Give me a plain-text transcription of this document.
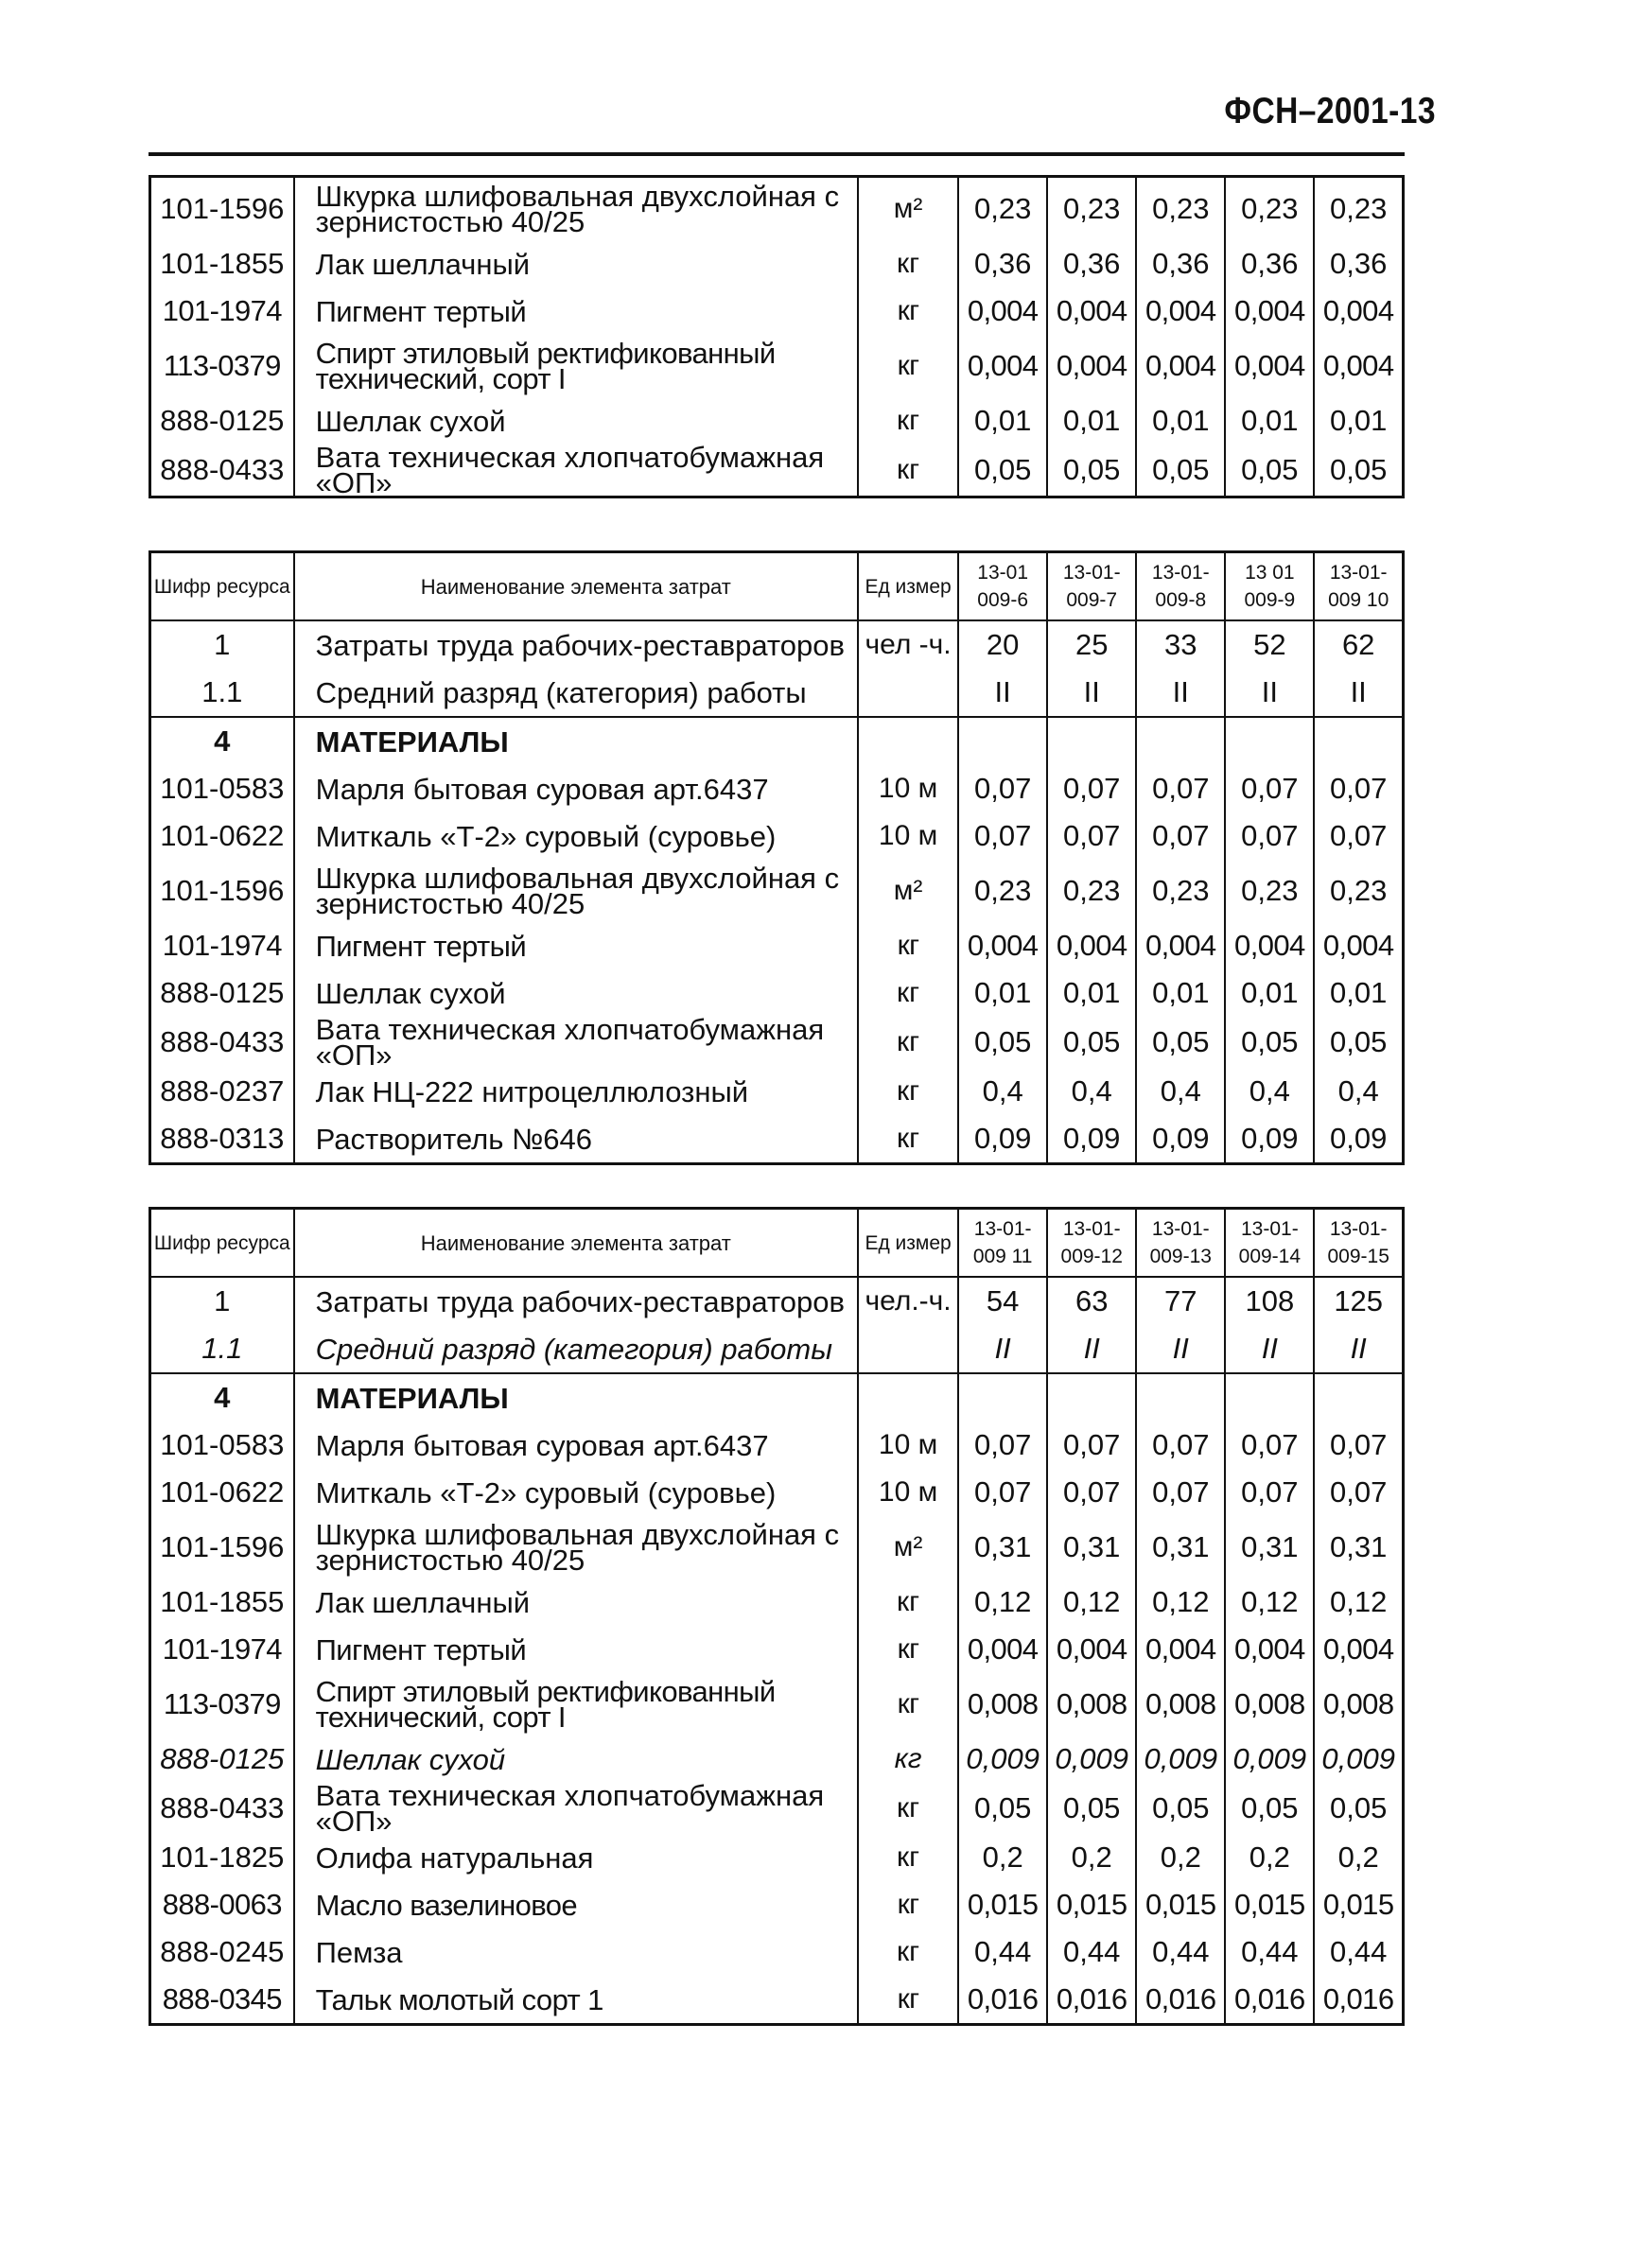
ФСН–2001-13
101-1596	Шкурка шлифовальная двухслойная с зернистостью 40/25	м²	0,23	0,23	0,23	0,23	0,23
101-1855	Лак шеллачный	кг	0,36	0,36	0,36	0,36	0,36
101-1974	Пигмент тертый	кг	0,004	0,004	0,004	0,004	0,004
113-0379	Спирт этиловый ректификованный технический, сорт I	кг	0,004	0,004	0,004	0,004	0,004
888-0125	Шеллак сухой	кг	0,01	0,01	0,01	0,01	0,01
888-0433	Вата техническая хлопчатобумажная «ОП»	кг	0,05	0,05	0,05	0,05	0,05
Шифр ресурса	Наименование элемента затрат	Ед измер	13-01 009-6	13-01- 009-7	13-01- 009-8	13 01 009-9	13-01- 009 10
1	Затраты труда рабочих-реставраторов	чел -ч.	20	25	33	52	62
1.1	Средний разряд (категория) работы		II	II	II	II	II
4	МАТЕРИАЛЫ						
101-0583	Марля бытовая суровая арт.6437	10 м	0,07	0,07	0,07	0,07	0,07
101-0622	Миткаль «Т-2» суровый (суровье)	10 м	0,07	0,07	0,07	0,07	0,07
101-1596	Шкурка шлифовальная двухслойная с зернистостью 40/25	м²	0,23	0,23	0,23	0,23	0,23
101-1974	Пигмент тертый	кг	0,004	0,004	0,004	0,004	0,004
888-0125	Шеллак сухой	кг	0,01	0,01	0,01	0,01	0,01
888-0433	Вата техническая хлопчатобумажная «ОП»	кг	0,05	0,05	0,05	0,05	0,05
888-0237	Лак НЦ-222 нитроцеллюлозный	кг	0,4	0,4	0,4	0,4	0,4
888-0313	Растворитель №646	кг	0,09	0,09	0,09	0,09	0,09
Шифр ресурса	Наименование элемента затрат	Ед измер	13-01- 009 11	13-01- 009-12	13-01- 009-13	13-01- 009-14	13-01- 009-15
1	Затраты труда рабочих-реставраторов	чел.-ч.	54	63	77	108	125
1.1	Средний разряд (категория) работы		II	II	II	II	II
4	МАТЕРИАЛЫ						
101-0583	Марля бытовая суровая арт.6437	10 м	0,07	0,07	0,07	0,07	0,07
101-0622	Миткаль «Т-2» суровый (суровье)	10 м	0,07	0,07	0,07	0,07	0,07
101-1596	Шкурка шлифовальная двухслойная с зернистостью 40/25	м²	0,31	0,31	0,31	0,31	0,31
101-1855	Лак шеллачный	кг	0,12	0,12	0,12	0,12	0,12
101-1974	Пигмент тертый	кг	0,004	0,004	0,004	0,004	0,004
113-0379	Спирт этиловый ректификованный технический, сорт I	кг	0,008	0,008	0,008	0,008	0,008
888-0125	Шеллак сухой	кг	0,009	0,009	0,009	0,009	0,009
888-0433	Вата техническая хлопчатобумажная «ОП»	кг	0,05	0,05	0,05	0,05	0,05
101-1825	Олифа натуральная	кг	0,2	0,2	0,2	0,2	0,2
888-0063	Масло вазелиновое	кг	0,015	0,015	0,015	0,015	0,015
888-0245	Пемза	кг	0,44	0,44	0,44	0,44	0,44
888-0345	Тальк молотый сорт 1	кг	0,016	0,016	0,016	0,016	0,016
